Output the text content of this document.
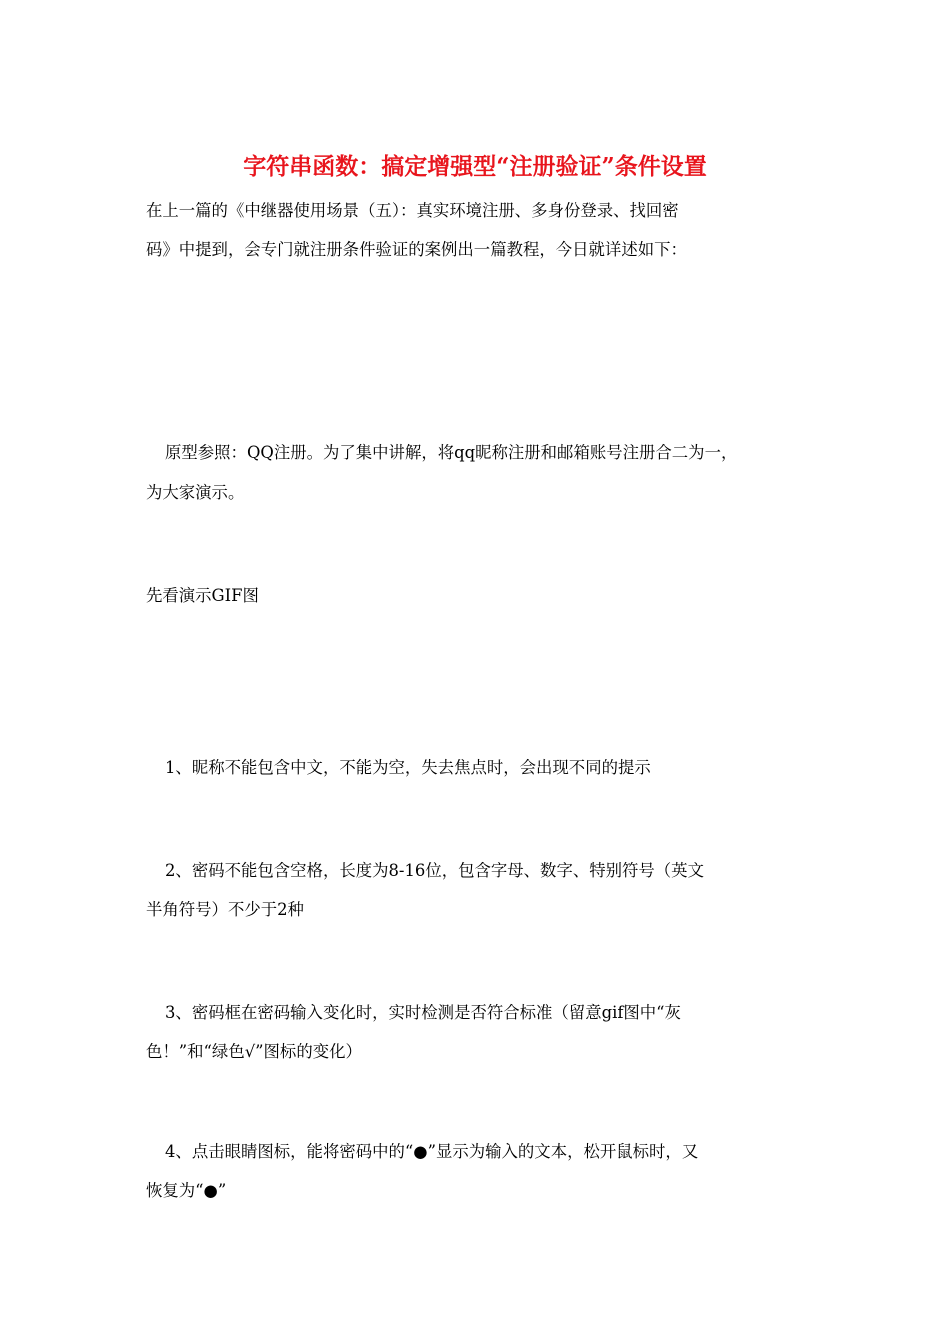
字符串函数：搞定增强型“注册验证”条件设置
在上一篇的《中继器使用场景（五）：真实环境注册、多身份登录、找回密
码》中提到，会专门就注册条件验证的案例出一篇教程，今日就详述如下：
原型参照：QQ注册。为了集中讲解，将qq昵称注册和邮箱账号注册合二为一，
为大家演示。
先看演示GIF图
1、昵称不能包含中文，不能为空，失去焦点时，会出现不同的提示
2、密码不能包含空格，长度为8-16位，包含字母、数字、特别符号（英文
半角符号）不少于2种
3、密码框在密码输入变化时，实时检测是否符合标准（留意gif图中“灰
色！”和“绿色√”图标的变化）
4、点击眼睛图标，能将密码中的“●”显示为输入的文本，松开鼠标时，又
恢复为“●”
